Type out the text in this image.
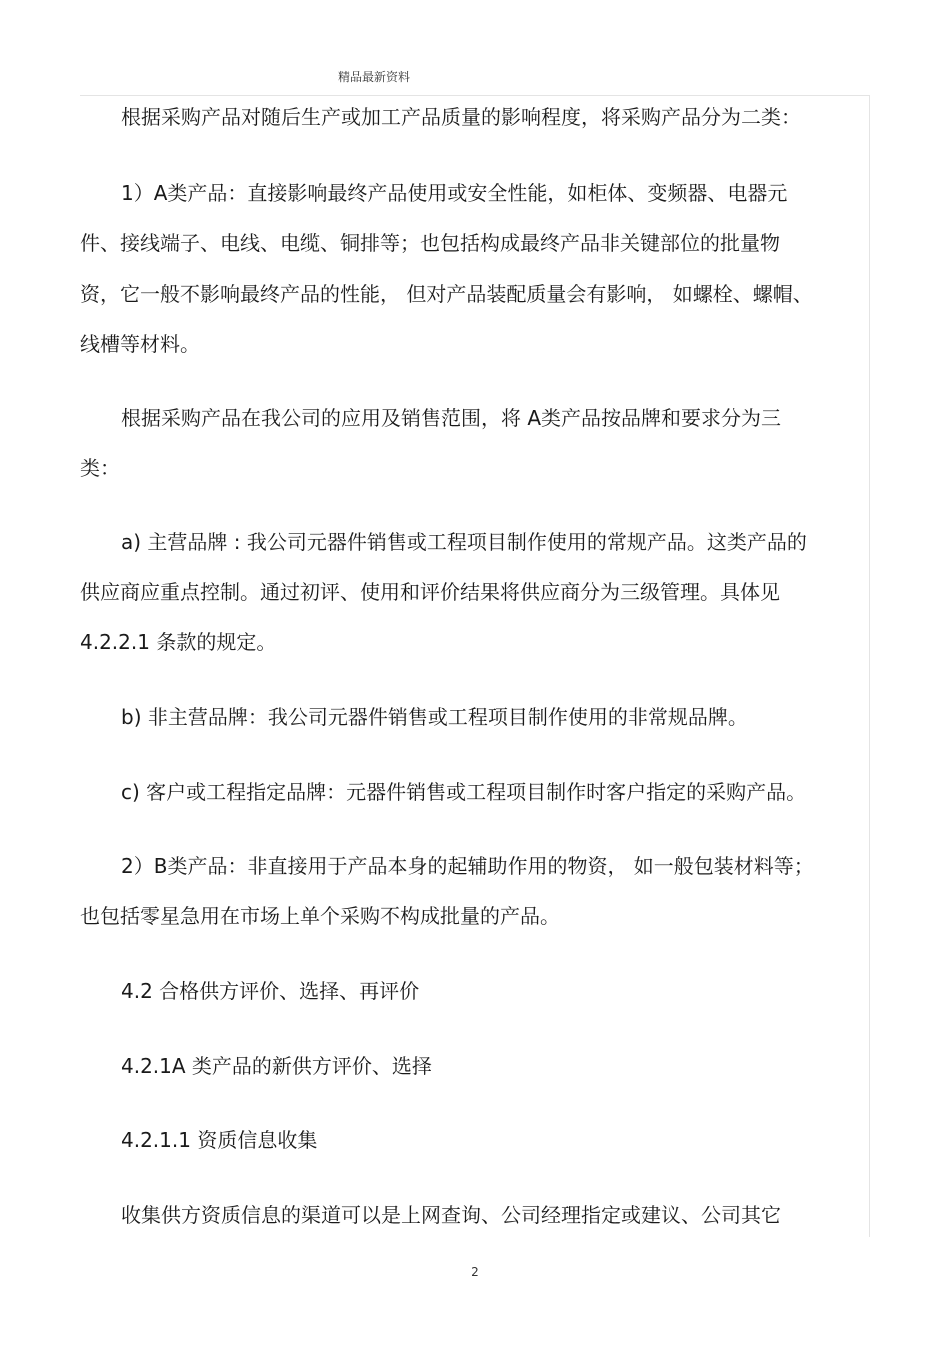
精品最新资料
根据采购产品对随后生产或加工产品质量的影响程度，将采购产品分为二类：
1）A类产品：直接影响最终产品使用或安全性能，如柜体、变频器、电器元
件、接线端子、电线、电缆、铜排等；也包括构成最终产品非关键部位的批量物
资，它一般不影响最终产品的性能， 但对产品装配质量会有影响， 如螺栓、螺帽、
线槽等材料。
根据采购产品在我公司的应用及销售范围，将 A类产品按品牌和要求分为三
类：
a) 主营品牌 : 我公司元器件销售或工程项目制作使用的常规产品。这类产品的
供应商应重点控制。通过初评、使用和评价结果将供应商分为三级管理。具体见
4.2.2.1 条款的规定。
b) 非主营品牌：我公司元器件销售或工程项目制作使用的非常规品牌。
c) 客户或工程指定品牌：元器件销售或工程项目制作时客户指定的采购产品。
2）B类产品：非直接用于产品本身的起辅助作用的物资， 如一般包装材料等；
也包括零星急用在市场上单个采购不构成批量的产品。
4.2 合格供方评价、选择、再评价
4.2.1A 类产品的新供方评价、选择
4.2.1.1 资质信息收集
收集供方资质信息的渠道可以是上网查询、公司经理指定或建议、公司其它
2
